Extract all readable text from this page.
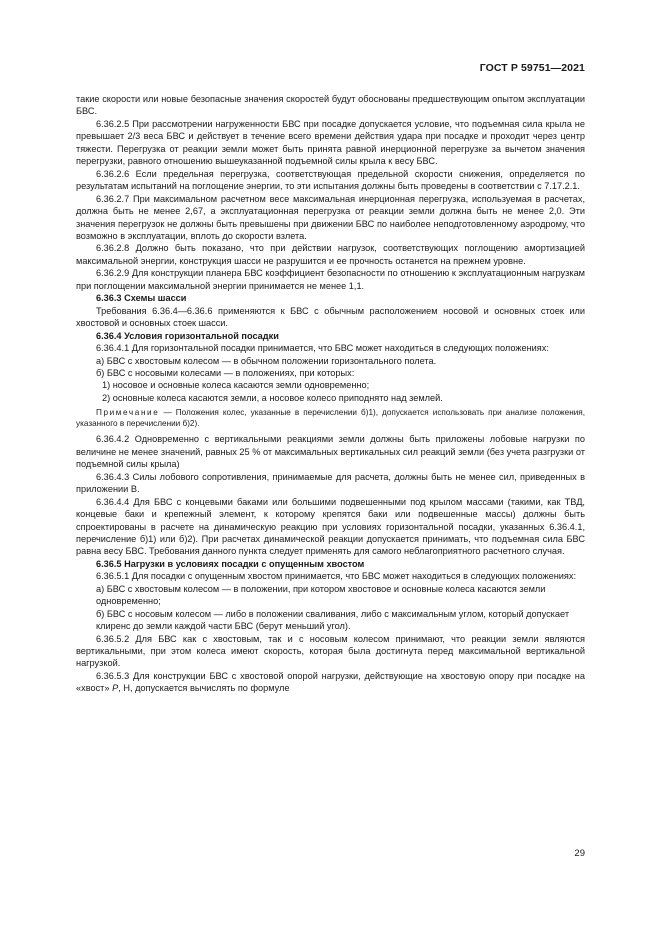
ГОСТ Р 59751—2021

такие скорости или новые безопасные значения скоростей будут обоснованы предшествующим опытом эксплуатации БВС.

6.36.2.5 При рассмотрении нагруженности БВС при посадке допускается условие, что подъемная сила крыла не превышает 2/3 веса БВС и действует в течение всего времени действия удара при посадке и проходит через центр тяжести. Перегрузка от реакции земли может быть принята равной инерционной перегрузке за вычетом значения перегрузки, равного отношению вышеуказанной подъемной силы крыла к весу БВС.

6.36.2.6 Если предельная перегрузка, соответствующая предельной скорости снижения, определяется по результатам испытаний на поглощение энергии, то эти испытания должны быть проведены в соответствии с 7.17.2.1.

6.36.2.7 При максимальном расчетном весе максимальная инерционная перегрузка, используемая в расчетах, должна быть не менее 2,67, а эксплуатационная перегрузка от реакции земли должна быть не менее 2,0. Эти значения перегрузок не должны быть превышены при движении БВС по наиболее неподготовленному аэродрому, что возможно в эксплуатации, вплоть до скорости взлета.

6.36.2.8 Должно быть показано, что при действии нагрузок, соответствующих поглощению амортизацией максимальной энергии, конструкция шасси не разрушится и ее прочность останется на прежнем уровне.

6.36.2.9 Для конструкции планера БВС коэффициент безопасности по отношению к эксплуатационным нагрузкам при поглощении максимальной энергии принимается не менее 1,1.

6.36.3 Схемы шасси

Требования 6.36.4—6.36.6 применяются к БВС с обычным расположением носовой и основных стоек или хвостовой и основных стоек шасси.

6.36.4 Условия горизонтальной посадки

6.36.4.1 Для горизонтальной посадки принимается, что БВС может находиться в следующих положениях:

а) БВС с хвостовым колесом — в обычном положении горизонтального полета.

б) БВС с носовыми колесами — в положениях, при которых:

1) носовое и основные колеса касаются земли одновременно;

2) основные колеса касаются земли, а носовое колесо приподнято над землей.

Примечание — Положения колес, указанные в перечислении б)1), допускается использовать при анализе положения, указанного в перечислении б)2).

6.36.4.2 Одновременно с вертикальными реакциями земли должны быть приложены лобовые нагрузки по величине не менее значений, равных 25 % от максимальных вертикальных сил реакций земли (без учета разгрузки от подъемной силы крыла)

6.36.4.3 Силы лобового сопротивления, принимаемые для расчета, должны быть не менее сил, приведенных в приложении В.

6.36.4.4 Для БВС с концевыми баками или большими подвешенными под крылом массами (такими, как ТВД, концевые баки и крепежный элемент, к которому крепятся баки или подвешенные массы) должны быть спроектированы в расчете на динамическую реакцию при условиях горизонтальной посадки, указанных 6.36.4.1, перечисление б)1) или б)2). При расчетах динамической реакции допускается принимать, что подъемная сила БВС равна весу БВС. Требования данного пункта следует применять для самого неблагоприятного расчетного случая.

6.36.5 Нагрузки в условиях посадки с опущенным хвостом

6.36.5.1 Для посадки с опущенным хвостом принимается, что БВС может находиться в следующих положениях:

а) БВС с хвостовым колесом — в положении, при котором хвостовое и основные колеса касаются земли одновременно;

б) БВС с носовым колесом — либо в положении сваливания, либо с максимальным углом, который допускает клиренс до земли каждой части БВС (берут меньший угол).

6.36.5.2 Для БВС как с хвостовым, так и с носовым колесом принимают, что реакции земли являются вертикальными, при этом колеса имеют скорость, которая была достигнута перед максимальной вертикальной нагрузкой.

6.36.5.3 Для конструкции БВС с хвостовой опорой нагрузки, действующие на хвостовую опору при посадке на «хвост» P, Н, допускается вычислять по формуле

29
